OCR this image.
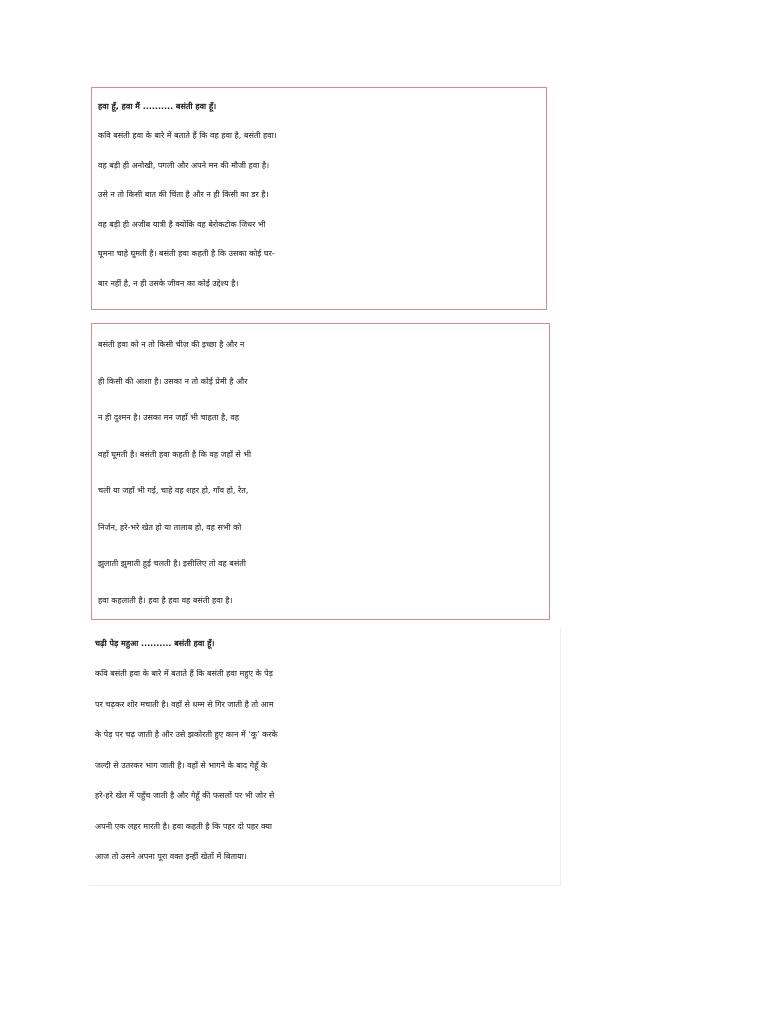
हवा हूँ, हवा मैं .......... बसंती हवा हूँ।

कवि बसंती हवा के बारे में बताते हैं कि वह हवा है, बसंती हवा।

वह बड़ी ही अनोखी, पगली और अपने मन की मौजी हवा है।

उसे न तो किसी बात की चिंता है और न ही किसी का डर है।

वह बड़ी ही अजीब यात्री है क्योंकि वह बेरोकटोक जिधर भी

घूमना चाहे घूमती है। बसंती हवा कहती है कि उसका कोई घर-

बार नहीं है, न ही उसके जीवन का कोई उद्देश्य है।

बसंती हवा को न तो किसी चीज़ की इच्छा है और न

ही किसी की आशा है। उसका न तो कोई प्रेमी है और

न ही दुश्मन है। उसका मन जहाँ भी चाहता है, वह

वहाँ घूमती है। बसंती हवा कहती है कि वह जहाँ से भी

चली या जहाँ भी गई, चाहे वह शहर हो, गाँव हो, रेत,

निर्जन, हरे-भरे खेत हो या तालाब हो, वह सभी को

झुलाती झुमाती हुई चलती है। इसीलिए तो वह बसंती

हवा कहलाती है। हवा है हवा वह बसंती हवा है।

चढ़ी पेड़ महुआ .......... बसंती हवा हूँ।

कवि बसंती हवा के बारे में बताते हैं कि बसंती हवा महुए के पेड़

पर चढ़कर शोर मचाती है। वहाँ से धम्म से गिर जाती है तो आम

के पेड़ पर चढ़ जाती है और उसे झकोरती हुए कान में ‘कू’ करके

जल्दी से उतरकर भाग जाती है। वहाँ से भागने के बाद गेहूँ के

हरे-हरे खेत में पहुँच जाती है और गेहूँ की फसलों पर भी जोर से

अपनी एक लहर मारती है। हवा कहती है कि पहर दो पहर क्या

आज तो उसने अपना पूरा वक्त इन्हीं खेतों में बिताया।
